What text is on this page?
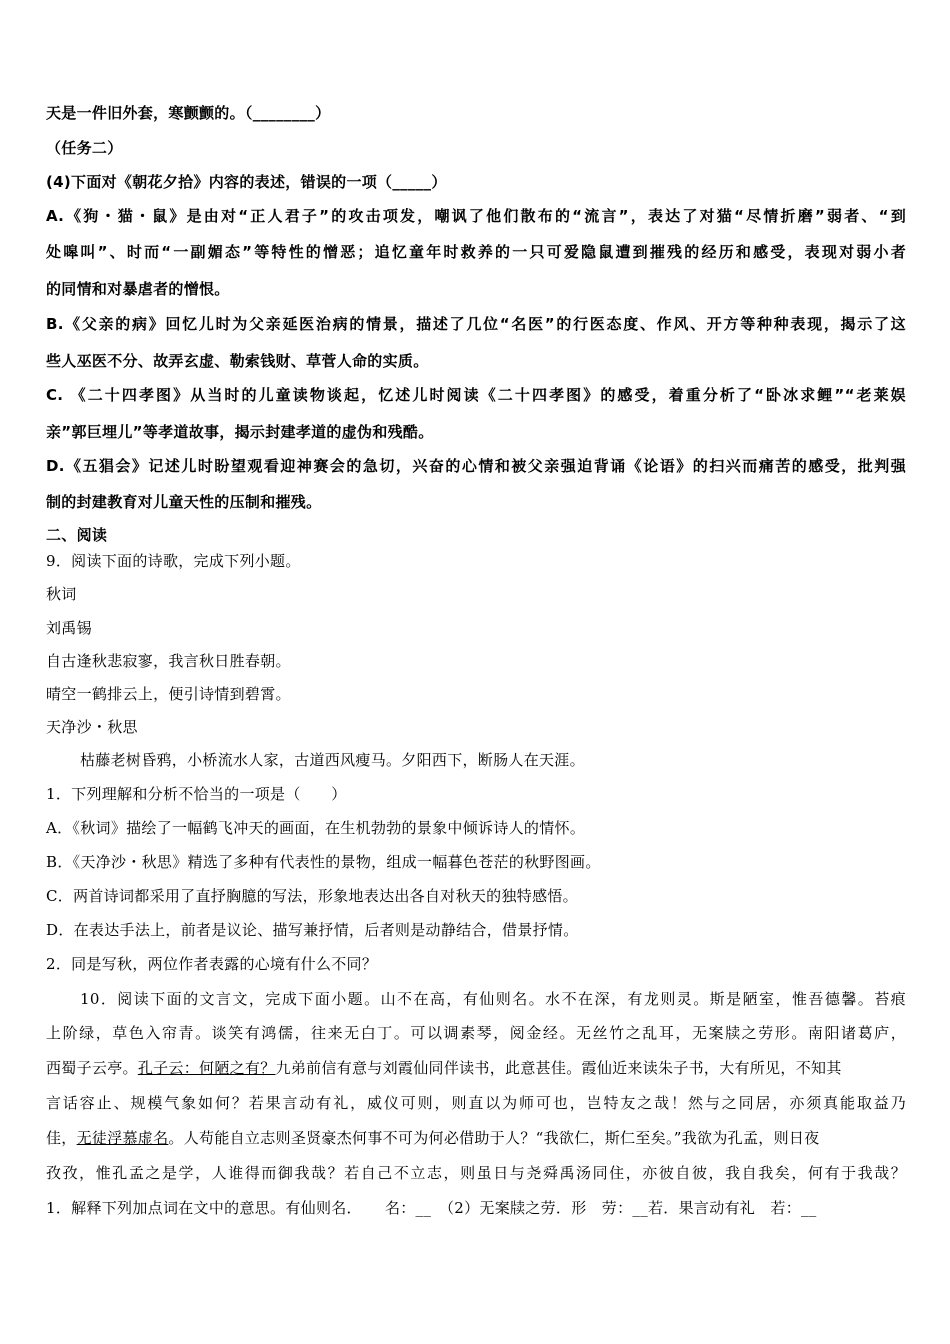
天是一件旧外套，寒颤颤的。（________）
（任务二）
(4)下面对《朝花夕拾》内容的表述，错误的一项（_____）
A.《狗・猫・鼠》是由对“正人君子”的攻击项发，嘲讽了他们散布的“流言”，表达了对猫“尽情折磨”弱者、“到
处嗥叫”、时而“一副媚态”等特性的憎恶；追忆童年时救养的一只可爱隐鼠遭到摧残的经历和感受，表现对弱小者
的同情和对暴虐者的憎恨。
B.《父亲的病》回忆儿时为父亲延医治病的情景，描述了几位“名医”的行医态度、作风、开方等种种表现，揭示了这
些人巫医不分、故弄玄虚、勒索钱财、草菅人命的实质。
C. 《二十四孝图》从当时的儿童读物谈起，忆述儿时阅读《二十四孝图》的感受，着重分析了“卧冰求鲤”“老莱娱
亲”郭巨埋儿”等孝道故事，揭示封建孝道的虚伪和残酷。
D.《五猖会》记述儿时盼望观看迎神赛会的急切，兴奋的心情和被父亲强迫背诵《论语》的扫兴而痛苦的感受，批判强
制的封建教育对儿童天性的压制和摧残。
二、阅读
9．阅读下面的诗歌，完成下列小题。
秋词
刘禹锡
自古逢秋悲寂寥，我言秋日胜春朝。
晴空一鹤排云上，便引诗情到碧霄。
天净沙・秋思
枯藤老树昏鸦，小桥流水人家，古道西风瘦马。夕阳西下，断肠人在天涯。
1．下列理解和分析不恰当的一项是（　　）
A．《秋词》描绘了一幅鹤飞冲天的画面，在生机勃勃的景象中倾诉诗人的情怀。
B．《天净沙・秋思》精选了多种有代表性的景物，组成一幅暮色苍茫的秋野图画。
C．两首诗词都采用了直抒胸臆的写法，形象地表达出各自对秋天的独特感悟。
D．在表达手法上，前者是议论、描写兼抒情，后者则是动静结合，借景抒情。
2．同是写秋，两位作者表露的心境有什么不同？
10．阅读下面的文言文，完成下面小题。山不在高，有仙则名。水不在深，有龙则灵。斯是陋室，惟吾德馨。苔痕
上阶绿，草色入帘青。谈笑有鸿儒，往来无白丁。可以调素琴，阅金经。无丝竹之乱耳，无案牍之劳形。南阳诸葛庐，
西蜀子云亭。孔子云：何陋之有？九弟前信有意与刘霞仙同伴读书，此意甚佳。霞仙近来读朱子书，大有所见，不知其
言话容止、规模气象如何？若果言动有礼，威仪可则，则直以为师可也，岂特友之哉！然与之同居，亦须真能取益乃
佳，无徒浮慕虚名。人苟能自立志则圣贤豪杰何事不可为何必借助于人？“我欲仁，斯仁至矣。”我欲为孔孟，则日夜
孜孜，惟孔孟之是学，人谁得而御我哉？若自己不立志，则虽日与尧舜禹汤同住，亦彼自彼，我自我矣，何有于我哉？
1．解释下列加点词在文中的意思。有仙则名．　　名：__　（2）无案牍之劳．形　劳：__若．果言动有礼　若：__
